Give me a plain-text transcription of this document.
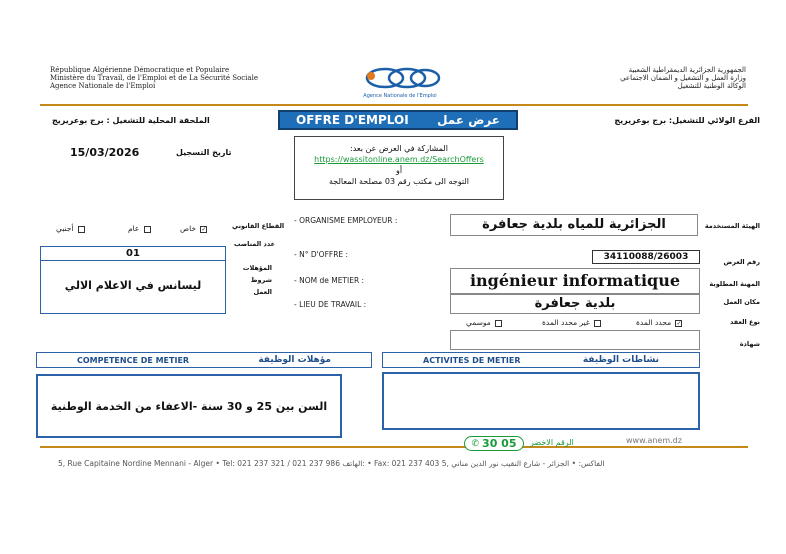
République Algérienne Démocratique et Populaire
Ministère du Travail, de l'Emploi et de La Sécurité Sociale
Agence Nationale de l'Emploi
Agence Nationale de l'Emploi
الجمهورية الجزائرية الديمقراطية الشعبية
وزارة العمل و التشغيل و الضمان الاجتماعي
الوكالة الوطنية للتشغيل
الملحقة المحلية للتشغيل : برج بوعريريج	الفرع الولائي للتشغيل: برج بوعريريج
OFFRE D'EMPLOI عرض عمل
المشاركة في العرض عن بعد:
https://wassitonline.anem.dz/SearchOffers
أو
التوجه الى مكتب رقم 03 مصلحة المعالجة
15/03/2026	تاريخ التسجيل
أجنبي	عام	✓ خاص	القطاع القانوني
عدد المناصب
01
ليسانس في الاعلام الالي
المؤهلات شروط العمل
- ORGANISME EMPLOYEUR :	الجزائرية للمياه بلدية جعافرة	الهيئة المستخدمة
- N° D'OFFRE :	34110088/26003	رقم العرض
- NOM de METIER :	ingénieur informatique	المهنة المطلوبة
- LIEU DE TRAVAIL :	بلدية جعافرة	مكان العمل
✓ محدد المدة
غير محدد المدة
موسمي	نوع العقد
شهادة
COMPETENCE DE METIER	مؤهلات الوظيفة
السن بين 25 و 30 سنة -الاعفاء من الخدمة الوطنية
ACTIVITES DE METIER	نشاطات الوظيفة
✆ 30 05 الرقم الاخضر	www.anem.dz
5, Rue Capitaine Nordine Mennani - Alger • Tel: 021 237 321 / 021 237 986 الهاتف: • Fax: 021 237 403 الفاكس: • الجزائر - شارع النقيب نور الدين مناني ,5
